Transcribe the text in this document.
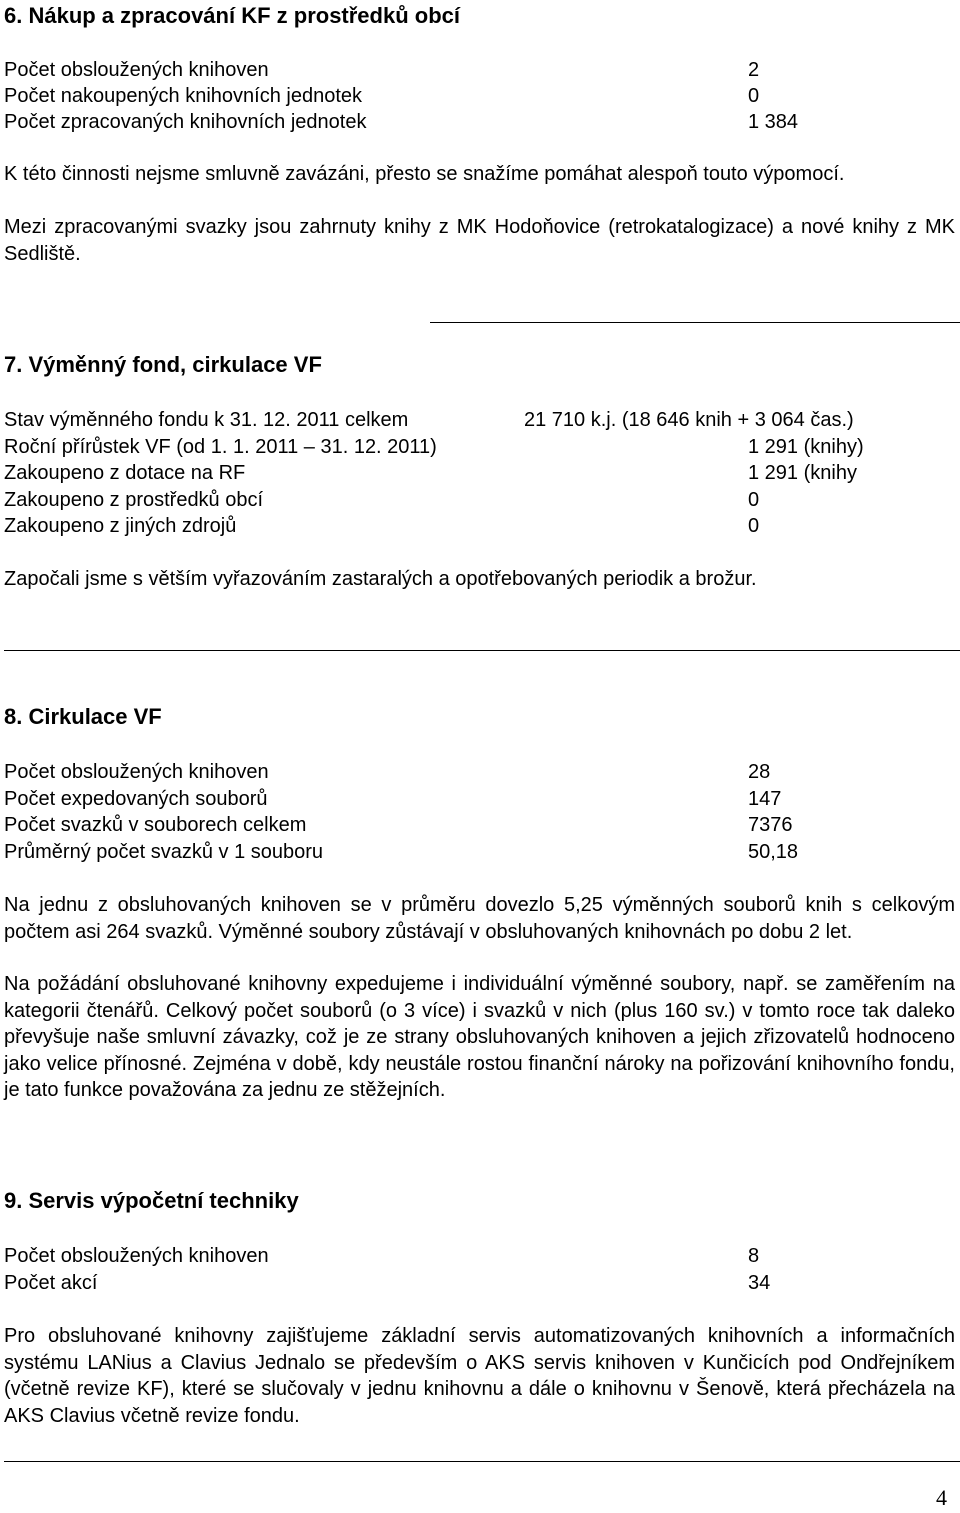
6. Nákup a zpracování KF z prostředků obcí
Počet obsloužených knihoven	2
Počet nakoupených knihovních jednotek	0
Počet zpracovaných knihovních jednotek	1 384
K této činnosti nejsme smluvně zavázáni, přesto se snažíme pomáhat alespoň touto výpomocí.
Mezi zpracovanými svazky jsou zahrnuty knihy z MK Hodoňovice (retrokatalogizace) a nové knihy z MK Sedliště.
7. Výměnný fond, cirkulace VF
Stav výměnného fondu k 31. 12. 2011 celkem	21 710 k.j. (18 646 knih + 3 064 čas.)
Roční přírůstek VF (od 1. 1. 2011 – 31. 12. 2011)	1 291 (knihy)
Zakoupeno z dotace na RF	1 291 (knihy
Zakoupeno z prostředků obcí	0
Zakoupeno z jiných zdrojů	0
Započali jsme s větším vyřazováním zastaralých a opotřebovaných periodik a brožur.
8. Cirkulace VF
Počet obsloužených knihoven	28
Počet expedovaných souborů	147
Počet svazků v souborech celkem	7376
Průměrný počet svazků v 1 souboru	50,18
Na jednu z obsluhovaných knihoven se v průměru dovezlo 5,25 výměnných souborů knih s celkovým počtem asi 264 svazků. Výměnné soubory zůstávají v obsluhovaných knihovnách po dobu 2 let.
Na požádání obsluhované knihovny expedujeme i individuální výměnné soubory, např. se zaměřením na kategorii čtenářů. Celkový počet souborů (o 3 více) i svazků v nich (plus 160 sv.) v tomto roce tak daleko převyšuje naše smluvní závazky, což je ze strany obsluhovaných knihoven a jejich zřizovatelů hodnoceno jako velice přínosné. Zejména v době, kdy neustále rostou finanční nároky na pořizování knihovního fondu, je tato funkce považována za jednu ze stěžejních.
9. Servis výpočetní techniky
Počet obsloužených knihoven	8
Počet akcí	34
Pro obsluhované knihovny zajišťujeme základní servis automatizovaných knihovních a informačních systému LANius a Clavius Jednalo se především o AKS servis knihoven v Kunčicích pod Ondřejníkem (včetně revize KF), které se slučovaly v jednu knihovnu a dále o knihovnu v Šenově, která přecházela na AKS Clavius včetně revize fondu.
4
